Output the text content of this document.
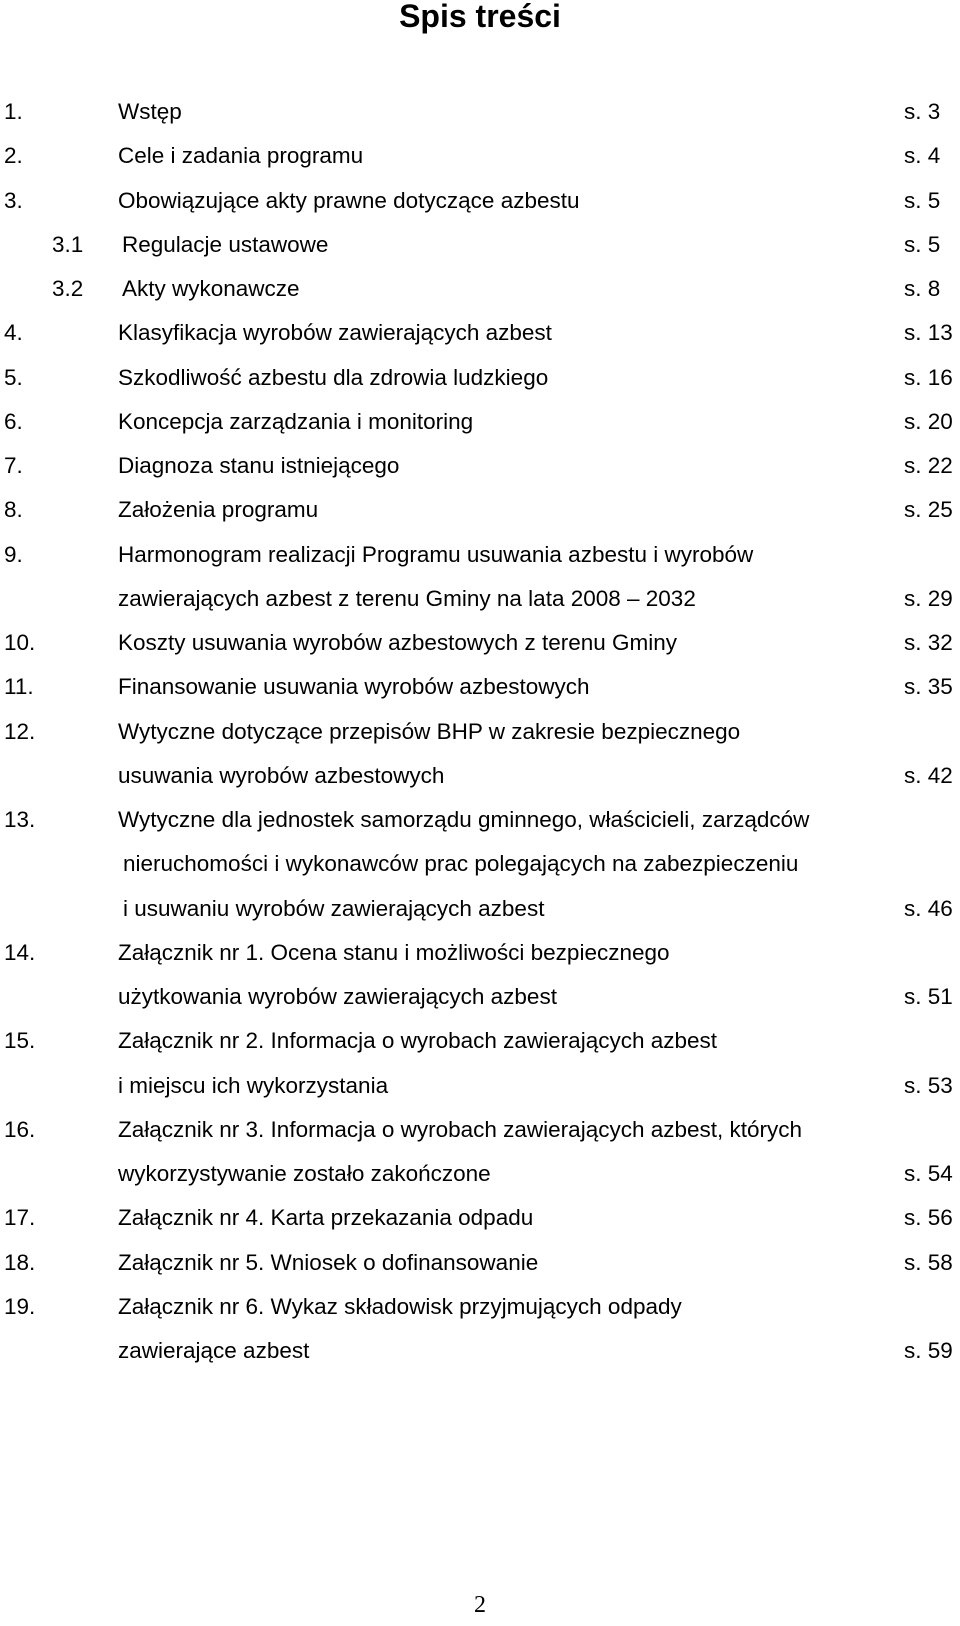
Spis treści
1.	Wstęp	s. 3
2.	Cele i zadania programu	s. 4
3.	Obowiązujące akty prawne dotyczące azbestu	s. 5
3.1 Regulacje ustawowe	s. 5
3.2 Akty wykonawcze	s. 8
4.	Klasyfikacja wyrobów zawierających azbest	s. 13
5.	Szkodliwość azbestu dla zdrowia ludzkiego	s. 16
6.	Koncepcja zarządzania i monitoring	s. 20
7.	Diagnoza stanu istniejącego	s. 22
8.	Założenia programu	s. 25
9.	Harmonogram realizacji Programu usuwania azbestu i wyrobów
zawierających azbest z terenu Gminy na lata 2008 – 2032	s. 29
10.	Koszty usuwania wyrobów azbestowych z terenu Gminy	s. 32
11.	Finansowanie usuwania wyrobów azbestowych	s. 35
12.	Wytyczne dotyczące przepisów BHP w zakresie bezpiecznego
usuwania wyrobów azbestowych	s. 42
13.	Wytyczne dla jednostek samorządu gminnego, właścicieli, zarządców
nieruchomości i wykonawców prac polegających na zabezpieczeniu
i usuwaniu wyrobów zawierających azbest	s. 46
14.	Załącznik nr 1. Ocena stanu i możliwości bezpiecznego
użytkowania wyrobów zawierających azbest	s. 51
15.	Załącznik nr 2. Informacja o wyrobach zawierających azbest
i miejscu ich wykorzystania	s. 53
16.	Załącznik nr 3. Informacja o wyrobach zawierających azbest, których
wykorzystywanie zostało zakończone	s. 54
17.	Załącznik nr 4. Karta przekazania odpadu	s. 56
18.	Załącznik nr 5. Wniosek o dofinansowanie	s. 58
19.	Załącznik nr 6. Wykaz składowisk przyjmujących odpady
zawierające azbest	s. 59
2
